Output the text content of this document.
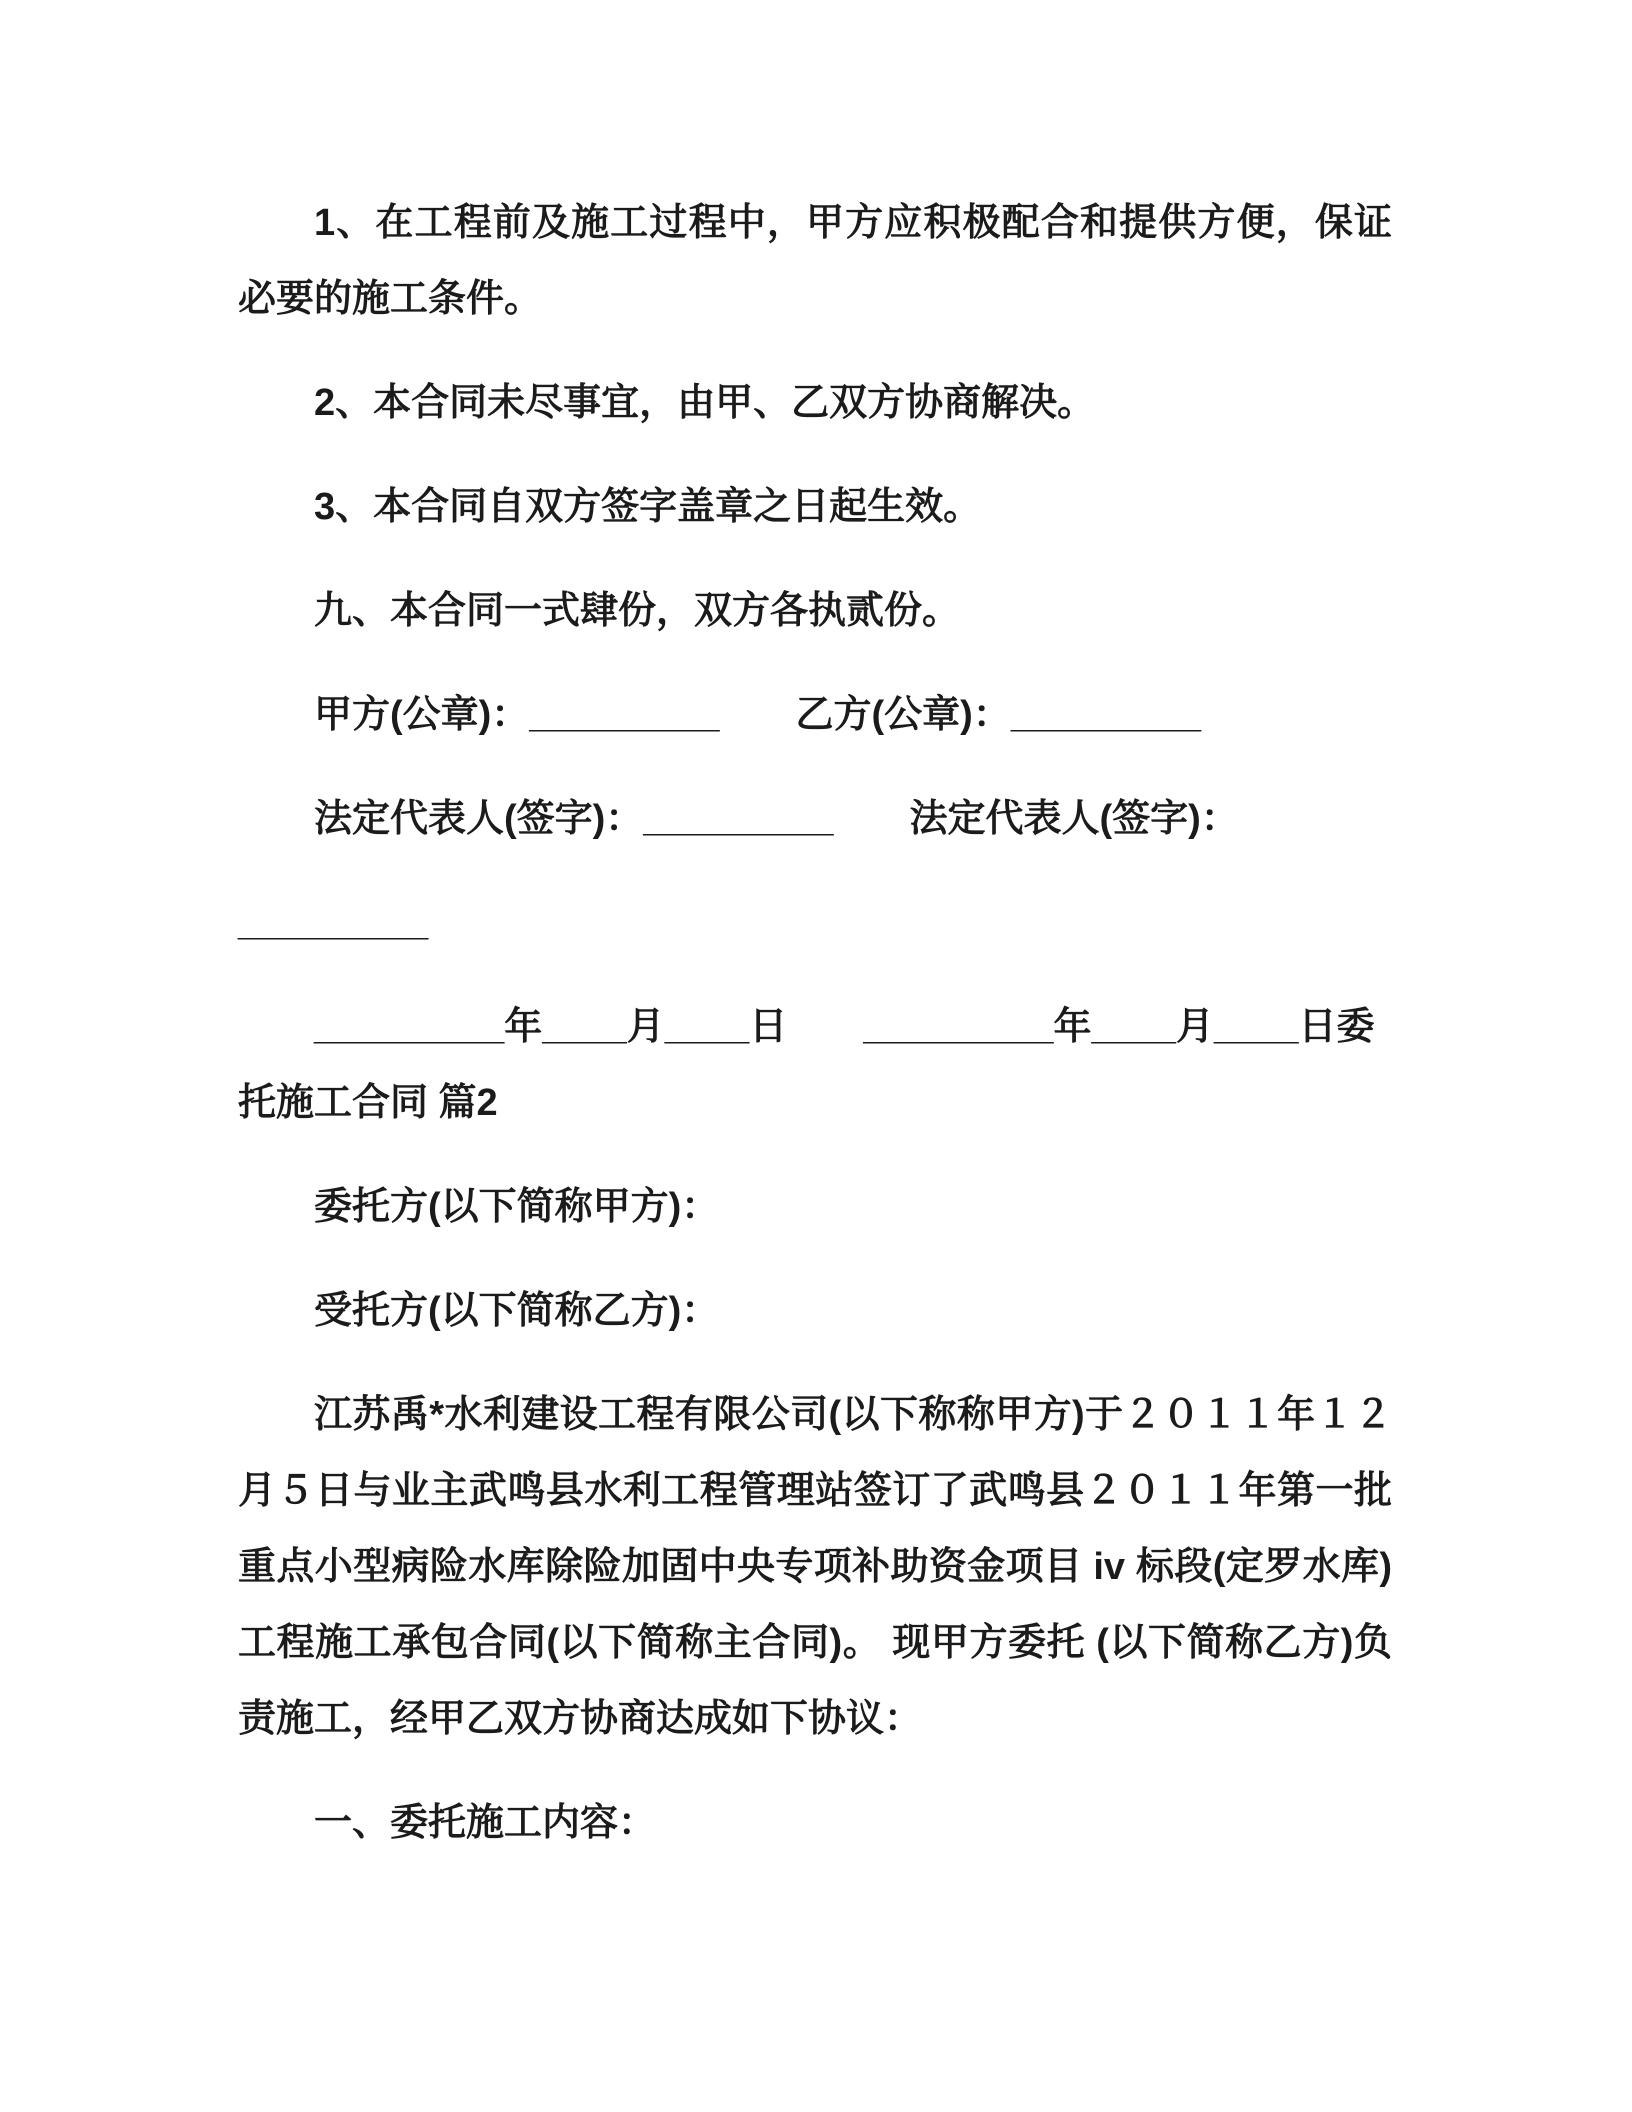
1、在工程前及施工过程中，甲方应积极配合和提供方便，保证必要的施工条件。

2、本合同未尽事宜，由甲、乙双方协商解决。

3、本合同自双方签字盖章之日起生效。

九、本合同一式肆份，双方各执贰份。

甲方(公章)：_________　　乙方(公章)：_________

法定代表人(签字)：_________　　法定代表人(签字)：

_________

_________年____月____日　　_________年____月____日委

托施工合同 篇2

委托方(以下简称甲方)：

受托方(以下简称乙方)：

江苏禹*水利建设工程有限公司(以下称称甲方)于２０１１年１２月５日与业主武鸣县水利工程管理站签订了武鸣县２０１１年第一批重点小型病险水库除险加固中央专项补助资金项目 iv 标段(定罗水库)工程施工承包合同(以下简称主合同)。 现甲方委托 (以下简称乙方)负责施工，经甲乙双方协商达成如下协议：

一、委托施工内容：
